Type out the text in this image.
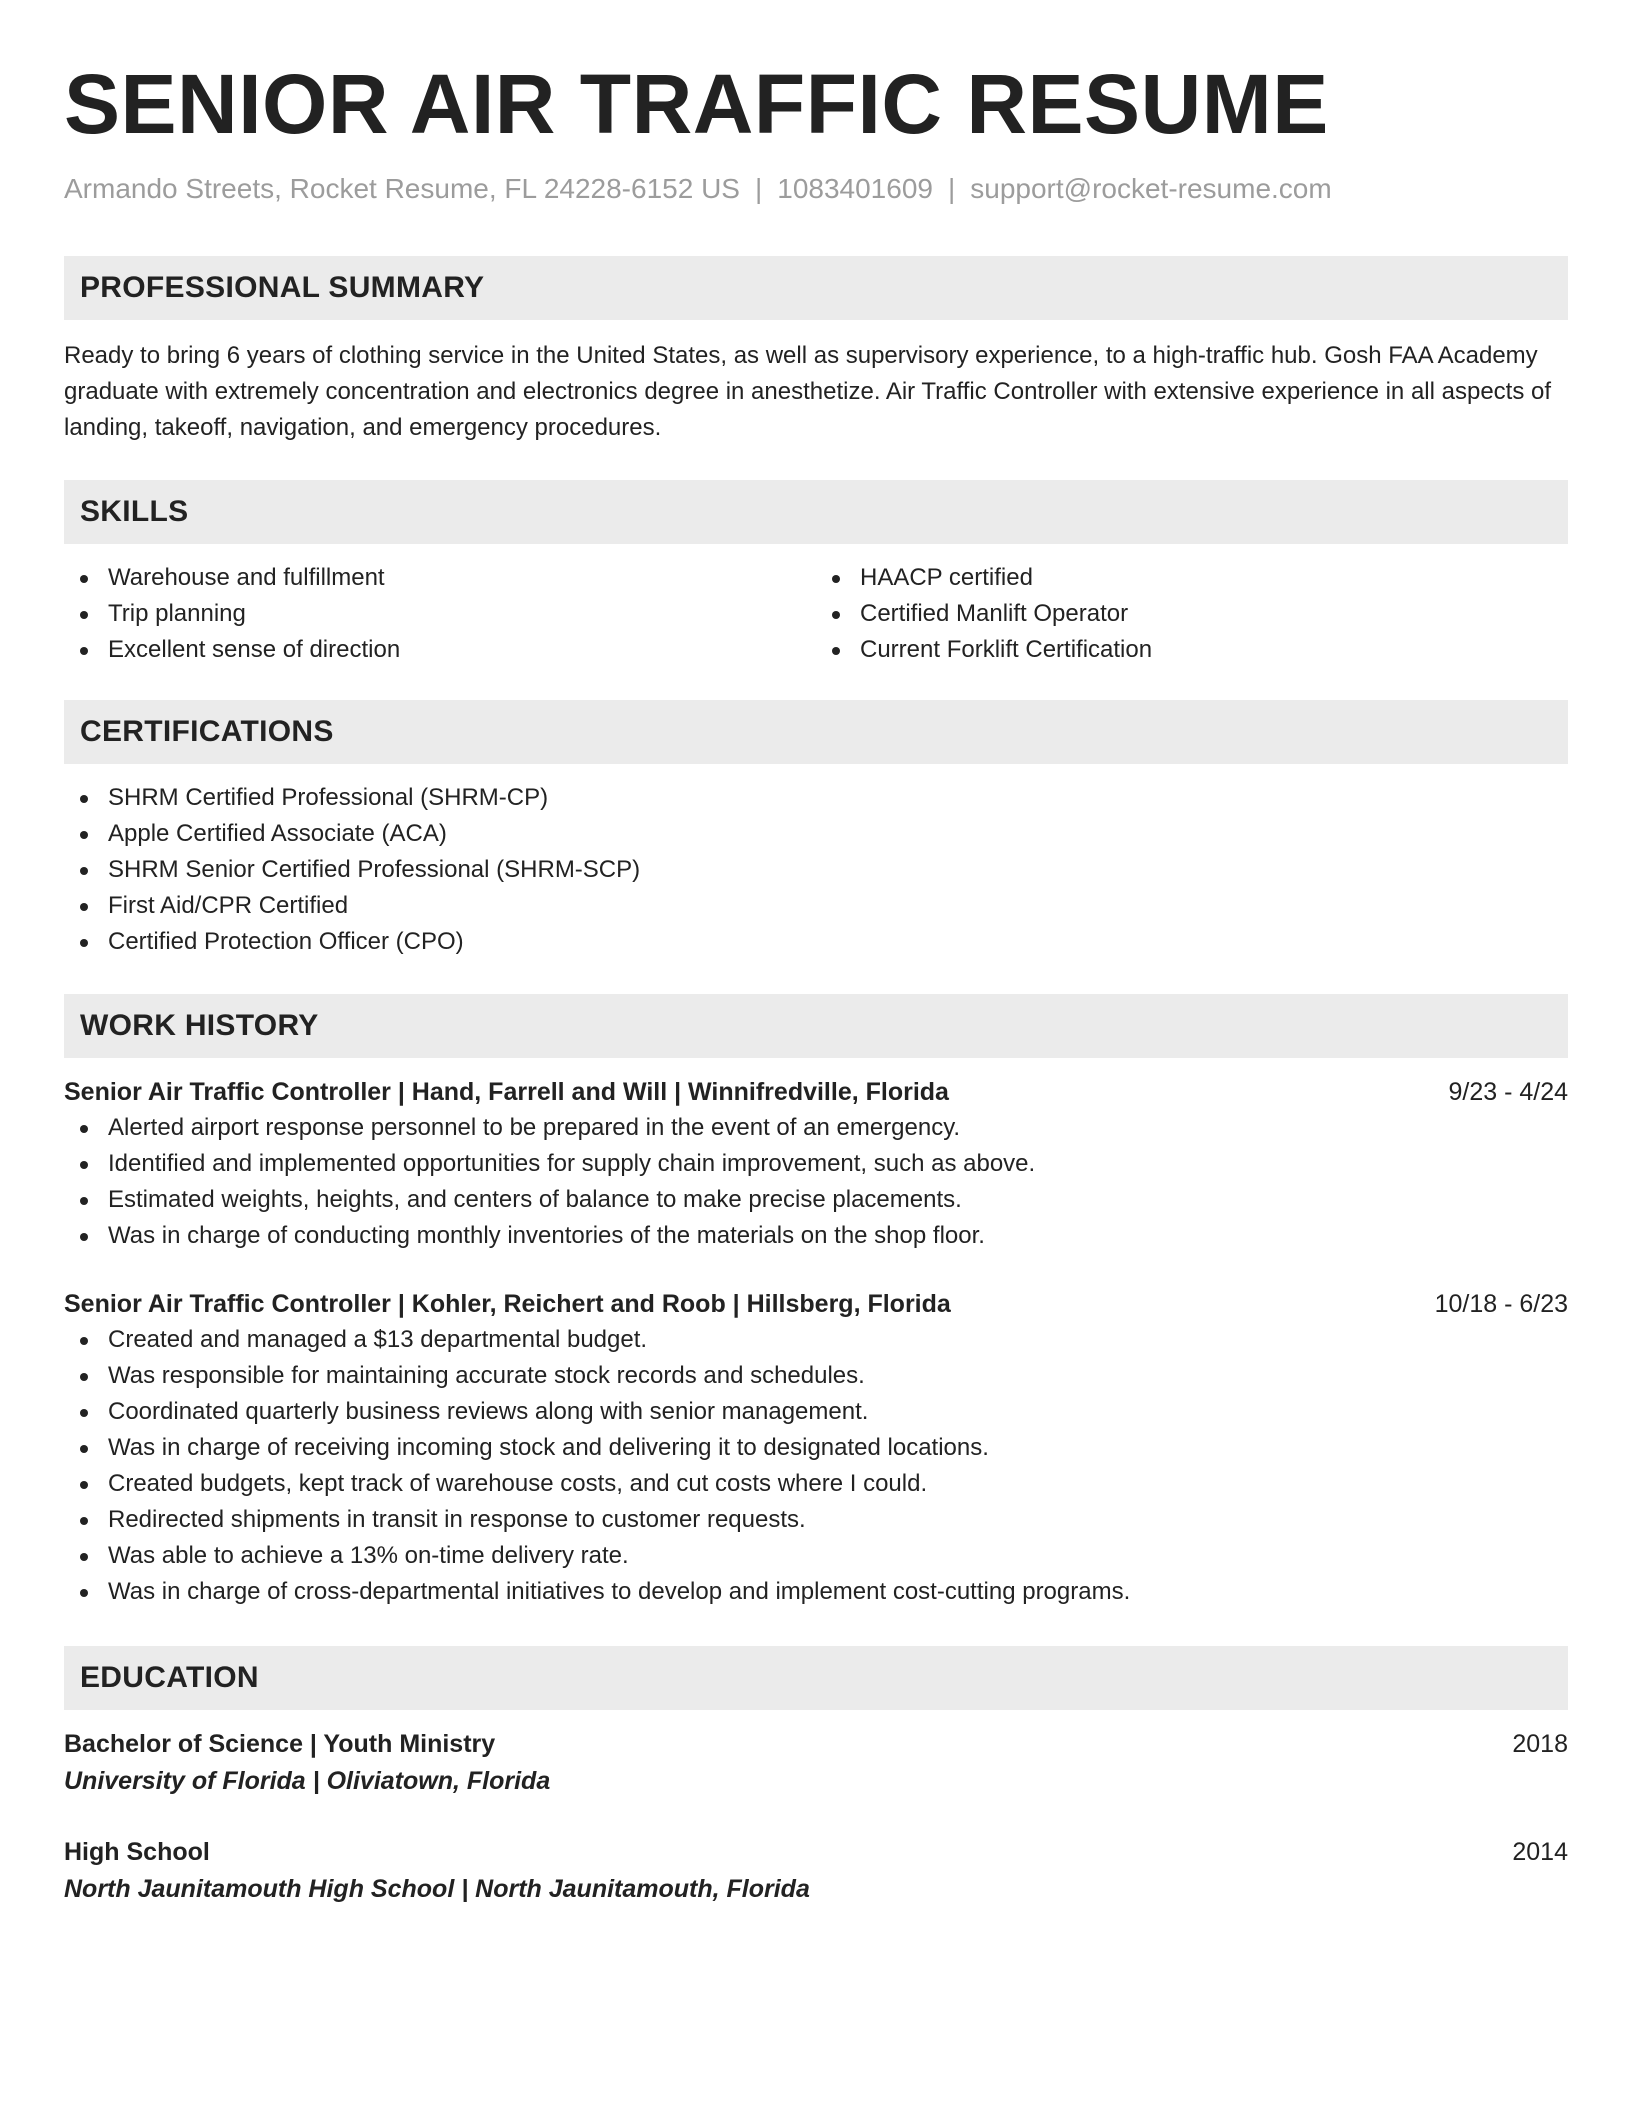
SENIOR AIR TRAFFIC RESUME
Armando Streets, Rocket Resume, FL 24228-6152 US | 1083401609 | support@rocket-resume.com
PROFESSIONAL SUMMARY

Ready to bring 6 years of clothing service in the United States, as well as supervisory experience, to a high-traffic hub. Gosh FAA Academy graduate with extremely concentration and electronics degree in anesthetize. Air Traffic Controller with extensive experience in all aspects of landing, takeoff, navigation, and emergency procedures.

SKILLS
Warehouse and fulfillment
Trip planning
Excellent sense of direction
HAACP certified
Certified Manlift Operator
Current Forklift Certification
CERTIFICATIONS
SHRM Certified Professional (SHRM-CP)
Apple Certified Associate (ACA)
SHRM Senior Certified Professional (SHRM-SCP)
First Aid/CPR Certified
Certified Protection Officer (CPO)
WORK HISTORY
Senior Air Traffic Controller | Hand, Farrell and Will | Winnifredville, Florida	9/23 - 4/24
Alerted airport response personnel to be prepared in the event of an emergency.
Identified and implemented opportunities for supply chain improvement, such as above.
Estimated weights, heights, and centers of balance to make precise placements.
Was in charge of conducting monthly inventories of the materials on the shop floor.
Senior Air Traffic Controller | Kohler, Reichert and Roob | Hillsberg, Florida	10/18 - 6/23
Created and managed a $13 departmental budget.
Was responsible for maintaining accurate stock records and schedules.
Coordinated quarterly business reviews along with senior management.
Was in charge of receiving incoming stock and delivering it to designated locations.
Created budgets, kept track of warehouse costs, and cut costs where I could.
Redirected shipments in transit in response to customer requests.
Was able to achieve a 13% on-time delivery rate.
Was in charge of cross-departmental initiatives to develop and implement cost-cutting programs.
EDUCATION
Bachelor of Science | Youth Ministry	2018
University of Florida | Oliviatown, Florida
High School	2014
North Jaunitamouth High School | North Jaunitamouth, Florida
